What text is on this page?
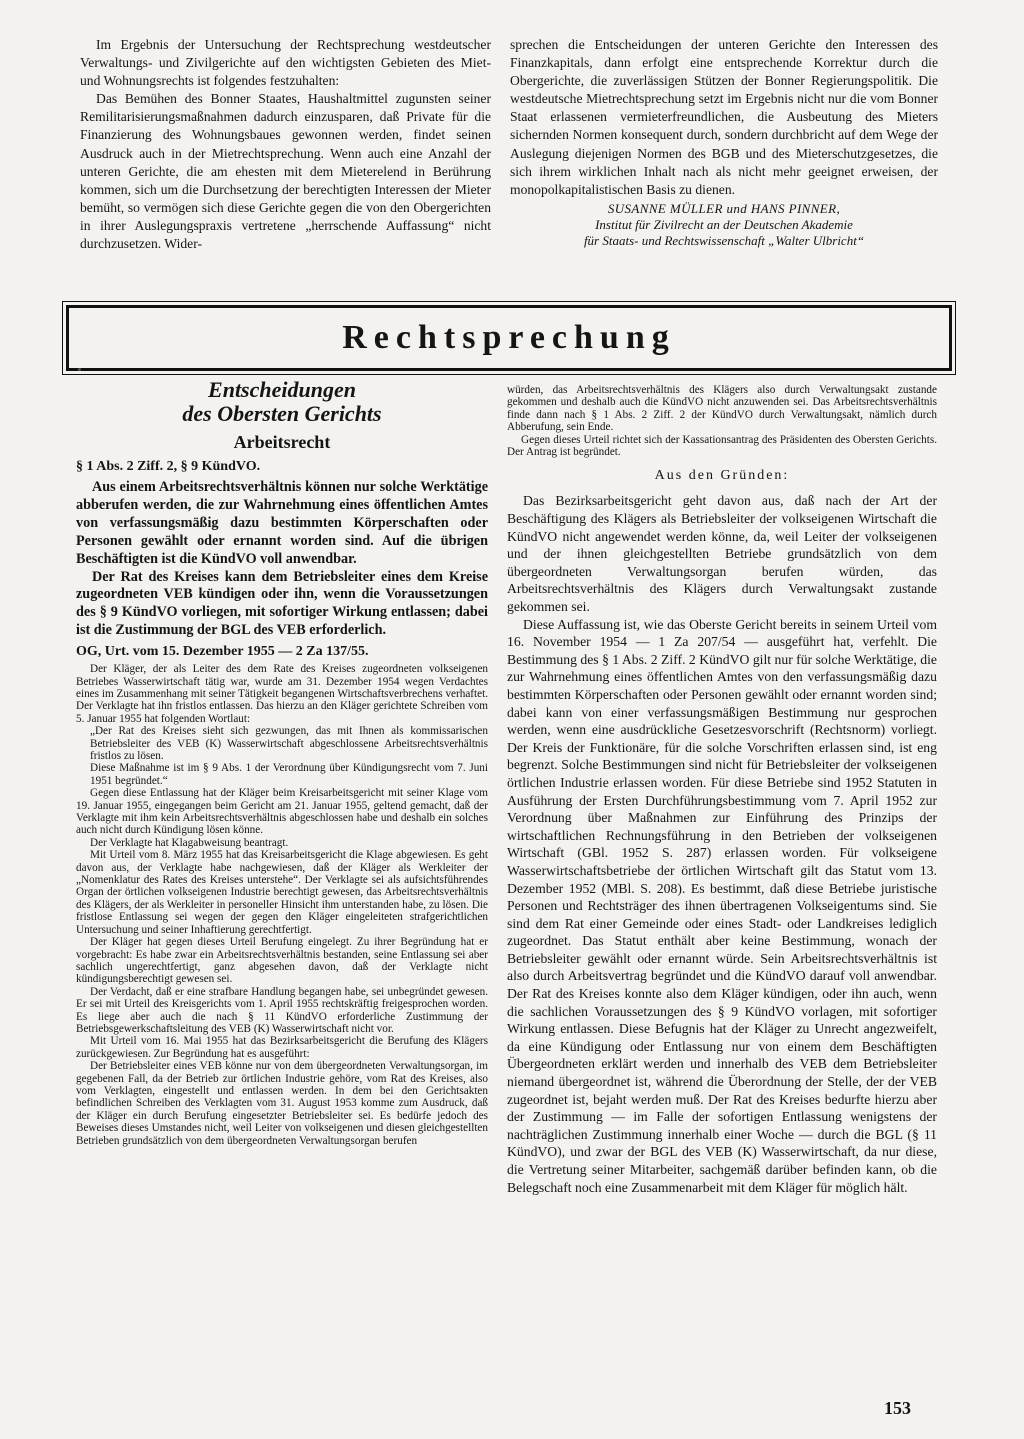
Im Ergebnis der Untersuchung der Rechtsprechung westdeutscher Verwaltungs- und Zivilgerichte auf den wichtigsten Gebieten des Miet- und Wohnungsrechts ist folgendes festzuhalten:

Das Bemühen des Bonner Staates, Haushaltmittel zugunsten seiner Remilitarisierungsmaßnahmen dadurch einzusparen, daß Private für die Finanzierung des Wohnungsbaues gewonnen werden, findet seinen Ausdruck auch in der Mietrechtsprechung. Wenn auch eine Anzahl der unteren Gerichte, die am ehesten mit dem Mieterelend in Berührung kommen, sich um die Durchsetzung der berechtigten Interessen der Mieter bemüht, so vermögen sich diese Gerichte gegen die von den Obergerichten in ihrer Auslegungspraxis vertretene „herrschende Auffassung“ nicht durchzusetzen. Wider-

sprechen die Entscheidungen der unteren Gerichte den Interessen des Finanzkapitals, dann erfolgt eine entsprechende Korrektur durch die Obergerichte, die zuverlässigen Stützen der Bonner Regierungspolitik. Die westdeutsche Mietrechtsprechung setzt im Ergebnis nicht nur die vom Bonner Staat erlassenen vermieterfreundlichen, die Ausbeutung des Mieters sichernden Normen konsequent durch, sondern durchbricht auf dem Wege der Auslegung diejenigen Normen des BGB und des Mieterschutzgesetzes, die sich ihrem wirklichen Inhalt nach als nicht mehr geeignet erweisen, der monopolkapitalistischen Basis zu dienen.

SUSANNE MÜLLER und HANS PINNER,
Institut für Zivilrecht an der Deutschen Akademie
für Staats- und Rechtswissenschaft „Walter Ulbricht“
Rechtsprechung
Entscheidungen
des Obersten Gerichts
Arbeitsrecht
§ 1 Abs. 2 Ziff. 2, § 9 KündVO.

Aus einem Arbeitsrechtsverhältnis können nur solche Werktätige abberufen werden, die zur Wahrnehmung eines öffentlichen Amtes von verfassungsmäßig dazu bestimmten Körperschaften oder Personen gewählt oder ernannt worden sind. Auf die übrigen Beschäftigten ist die KündVO voll anwendbar.

Der Rat des Kreises kann dem Betriebsleiter eines dem Kreise zugeordneten VEB kündigen oder ihn, wenn die Voraussetzungen des § 9 KündVO vorliegen, mit sofortiger Wirkung entlassen; dabei ist die Zustimmung der BGL des VEB erforderlich.

OG, Urt. vom 15. Dezember 1955 — 2 Za 137/55.

Der Kläger, der als Leiter des dem Rate des Kreises zugeordneten volkseigenen Betriebes Wasserwirtschaft tätig war, wurde am 31. Dezember 1954 wegen Verdachtes eines im Zusammenhang mit seiner Tätigkeit begangenen Wirtschaftsverbrechens verhaftet. Der Verklagte hat ihn fristlos entlassen. Das hierzu an den Kläger gerichtete Schreiben vom 5. Januar 1955 hat folgenden Wortlaut:

„Der Rat des Kreises sieht sich gezwungen, das mit Ihnen als kommissarischen Betriebsleiter des VEB (K) Wasserwirtschaft abgeschlossene Arbeitsrechtsverhältnis fristlos zu lösen.

Diese Maßnahme ist im § 9 Abs. 1 der Verordnung über Kündigungsrecht vom 7. Juni 1951 begründet.“

Gegen diese Entlassung hat der Kläger beim Kreisarbeitsgericht mit seiner Klage vom 19. Januar 1955, eingegangen beim Gericht am 21. Januar 1955, geltend gemacht, daß der Verklagte mit ihm kein Arbeitsrechtsverhältnis abgeschlossen habe und deshalb ein solches auch nicht durch Kündigung lösen könne.

Der Verklagte hat Klagabweisung beantragt.

Mit Urteil vom 8. März 1955 hat das Kreisarbeitsgericht die Klage abgewiesen. Es geht davon aus, der Verklagte habe nachgewiesen, daß der Kläger als Werkleiter der „Nomenklatur des Rates des Kreises unterstehe“. Der Verklagte sei als aufsichtsführendes Organ der örtlichen volkseigenen Industrie berechtigt gewesen, das Arbeitsrechtsverhältnis des Klägers, der als Werkleiter in personeller Hinsicht ihm unterstanden habe, zu lösen. Die fristlose Entlassung sei wegen der gegen den Kläger eingeleiteten strafgerichtlichen Untersuchung und seiner Inhaftierung gerechtfertigt.

Der Kläger hat gegen dieses Urteil Berufung eingelegt. Zu ihrer Begründung hat er vorgebracht: Es habe zwar ein Arbeitsrechtsverhältnis bestanden, seine Entlassung sei aber sachlich ungerechtfertigt, ganz abgesehen davon, daß der Verklagte nicht kündigungsberechtigt gewesen sei.

Der Verdacht, daß er eine strafbare Handlung begangen habe, sei unbegründet gewesen. Er sei mit Urteil des Kreisgerichts vom 1. April 1955 rechtskräftig freigesprochen worden. Es liege aber auch die nach § 11 KündVO erforderliche Zustimmung der Betriebsgewerkschaftsleitung des VEB (K) Wasserwirtschaft nicht vor.

Mit Urteil vom 16. Mai 1955 hat das Bezirksarbeitsgericht die Berufung des Klägers zurückgewiesen. Zur Begründung hat es ausgeführt:

Der Betriebsleiter eines VEB könne nur von dem übergeordneten Verwaltungsorgan, im gegebenen Fall, da der Betrieb zur örtlichen Industrie gehöre, vom Rat des Kreises, also vom Verklagten, eingestellt und entlassen werden. In dem bei den Gerichtsakten befindlichen Schreiben des Verklagten vom 31. August 1953 komme zum Ausdruck, daß der Kläger ein durch Berufung eingesetzter Betriebsleiter sei. Es bedürfe jedoch des Beweises dieses Umstandes nicht, weil Leiter von volkseigenen und diesen gleichgestellten Betrieben grundsätzlich von dem übergeordneten Verwaltungsorgan berufen

würden, das Arbeitsrechtsverhältnis des Klägers also durch Verwaltungsakt zustande gekommen und deshalb auch die KündVO nicht anzuwenden sei. Das Arbeitsrechtsverhältnis finde dann nach § 1 Abs. 2 Ziff. 2 der KündVO durch Verwaltungsakt, nämlich durch Abberufung, sein Ende.

Gegen dieses Urteil richtet sich der Kassationsantrag des Präsidenten des Obersten Gerichts. Der Antrag ist begründet.

Aus den Gründen:

Das Bezirksarbeitsgericht geht davon aus, daß nach der Art der Beschäftigung des Klägers als Betriebsleiter der volkseigenen Wirtschaft die KündVO nicht angewendet werden könne, da, weil Leiter der volkseigenen und der ihnen gleichgestellten Betriebe grundsätzlich von dem übergeordneten Verwaltungsorgan berufen würden, das Arbeitsrechtsverhältnis des Klägers durch Verwaltungsakt zustande gekommen sei.

Diese Auffassung ist, wie das Oberste Gericht bereits in seinem Urteil vom 16. November 1954 — 1 Za 207/54 — ausgeführt hat, verfehlt. Die Bestimmung des § 1 Abs. 2 Ziff. 2 KündVO gilt nur für solche Werktätige, die zur Wahrnehmung eines öffentlichen Amtes von den verfassungsmäßig dazu bestimmten Körperschaften oder Personen gewählt oder ernannt worden sind; dabei kann von einer verfassungsmäßigen Bestimmung nur gesprochen werden, wenn eine ausdrückliche Gesetzesvorschrift (Rechtsnorm) vorliegt. Der Kreis der Funktionäre, für die solche Vorschriften erlassen sind, ist eng begrenzt. Solche Bestimmungen sind nicht für Betriebsleiter der volkseigenen örtlichen Industrie erlassen worden. Für diese Betriebe sind 1952 Statuten in Ausführung der Ersten Durchführungsbestimmung vom 7. April 1952 zur Verordnung über Maßnahmen zur Einführung des Prinzips der wirtschaftlichen Rechnungsführung in den Betrieben der volkseigenen Wirtschaft (GBl. 1952 S. 287) erlassen worden. Für volkseigene Wasserwirtschaftsbetriebe der örtlichen Wirtschaft gilt das Statut vom 13. Dezember 1952 (MBl. S. 208). Es bestimmt, daß diese Betriebe juristische Personen und Rechtsträger des ihnen übertragenen Volkseigentums sind. Sie sind dem Rat einer Gemeinde oder eines Stadt- oder Landkreises lediglich zugeordnet. Das Statut enthält aber keine Bestimmung, wonach der Betriebsleiter gewählt oder ernannt würde. Sein Arbeitsrechtsverhältnis ist also durch Arbeitsvertrag begründet und die KündVO darauf voll anwendbar. Der Rat des Kreises konnte also dem Kläger kündigen, oder ihn auch, wenn die sachlichen Voraussetzungen des § 9 KündVO vorlagen, mit sofortiger Wirkung entlassen. Diese Befugnis hat der Kläger zu Unrecht angezweifelt, da eine Kündigung oder Entlassung nur von einem dem Beschäftigten Übergeordneten erklärt werden und innerhalb des VEB dem Betriebsleiter niemand übergeordnet ist, während die Überordnung der Stelle, der der VEB zugeordnet ist, bejaht werden muß. Der Rat des Kreises bedurfte hierzu aber der Zustimmung — im Falle der sofortigen Entlassung wenigstens der nachträglichen Zustimmung innerhalb einer Woche — durch die BGL (§ 11 KündVO), und zwar der BGL des VEB (K) Wasserwirtschaft, da nur diese, die Vertretung seiner Mitarbeiter, sachgemäß darüber befinden kann, ob die Belegschaft noch eine Zusammenarbeit mit dem Kläger für möglich hält.

153
